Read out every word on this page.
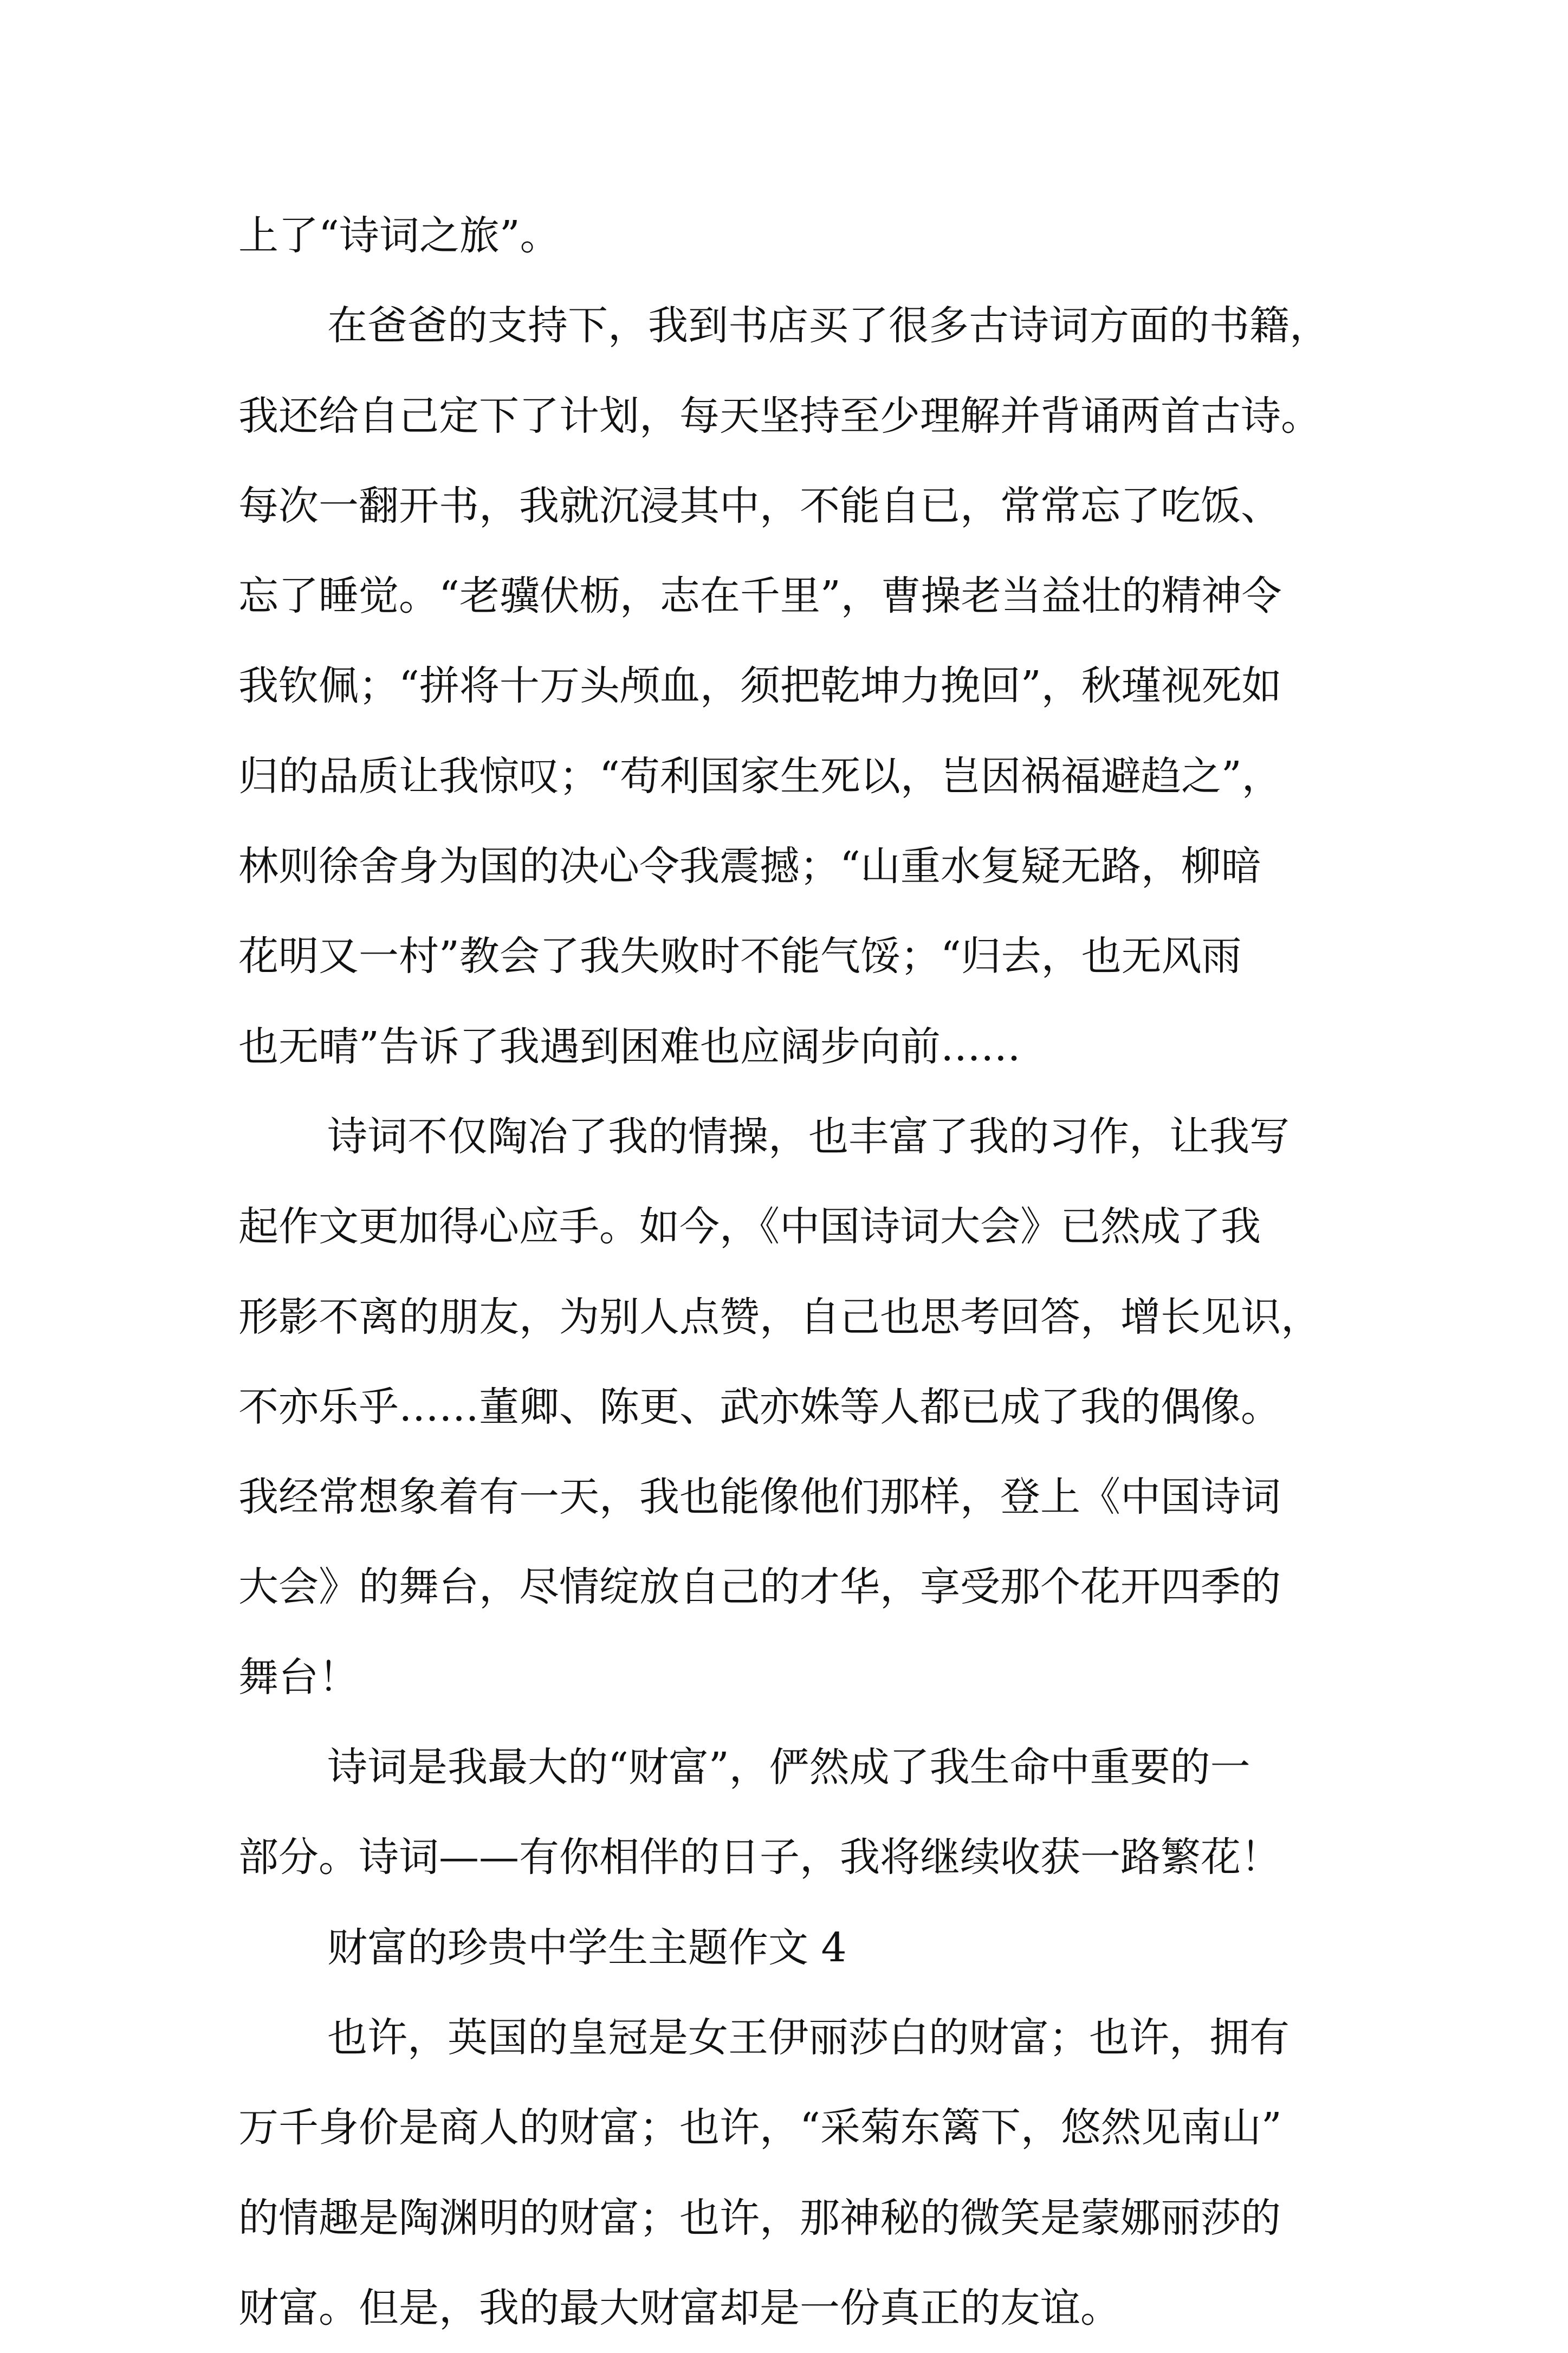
上了“诗词之旅”。
在爸爸的支持下，我到书店买了很多古诗词方面的书籍，
我还给自己定下了计划，每天坚持至少理解并背诵两首古诗。
每次一翻开书，我就沉浸其中，不能自已，常常忘了吃饭、
忘了睡觉。“老骥伏枥，志在千里”，曹操老当益壮的精神令
我钦佩；“拼将十万头颅血，须把乾坤力挽回”，秋瑾视死如
归的品质让我惊叹；“苟利国家生死以，岂因祸福避趋之”，
林则徐舍身为国的决心令我震撼；“山重水复疑无路，柳暗
花明又一村”教会了我失败时不能气馁；“归去，也无风雨
也无晴”告诉了我遇到困难也应阔步向前……
诗词不仅陶冶了我的情操，也丰富了我的习作，让我写
起作文更加得心应手。如今，《中国诗词大会》已然成了我
形影不离的朋友，为别人点赞，自己也思考回答，增长见识，
不亦乐乎……董卿、陈更、武亦姝等人都已成了我的偶像。
我经常想象着有一天，我也能像他们那样，登上《中国诗词
大会》的舞台，尽情绽放自己的才华，享受那个花开四季的
舞台！
诗词是我最大的“财富”，俨然成了我生命中重要的一
部分。诗词——有你相伴的日子，我将继续收获一路繁花！
财富的珍贵中学生主题作文 4
也许，英国的皇冠是女王伊丽莎白的财富；也许，拥有
万千身价是商人的财富；也许，“采菊东篱下，悠然见南山”
的情趣是陶渊明的财富；也许，那神秘的微笑是蒙娜丽莎的
财富。但是，我的最大财富却是一份真正的友谊。
